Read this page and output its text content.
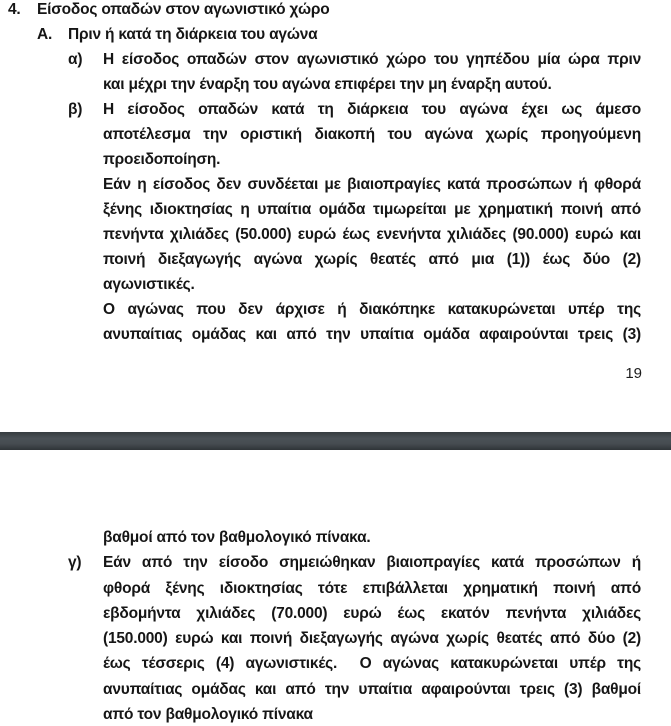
4. Είσοδος οπαδών στον αγωνιστικό χώρο
Α. Πριν ή κατά τη διάρκεια του αγώνα
α) Η είσοδος οπαδών στον αγωνιστικό χώρο του γηπέδου μία ώρα πριν
και μέχρι την έναρξη του αγώνα επιφέρει την μη έναρξη αυτού.
β) Η είσοδος οπαδών κατά τη διάρκεια του αγώνα έχει ως άμεσο
αποτέλεσμα την οριστική διακοπή του αγώνα χωρίς προηγούμενη
προειδοποίηση.
Εάν η είσοδος δεν συνδέεται με βιαιοπραγίες κατά προσώπων ή φθορά
ξένης ιδιοκτησίας η υπαίτια ομάδα τιμωρείται με χρηματική ποινή από
πενήντα χιλιάδες (50.000) ευρώ έως ενενήντα χιλιάδες (90.000) ευρώ και
ποινή διεξαγωγής αγώνα χωρίς θεατές από μια (1)) έως δύο (2)
αγωνιστικές.
Ο αγώνας που δεν άρχισε ή διακόπηκε κατακυρώνεται υπέρ της
ανυπαίτιας ομάδας και από την υπαίτια ομάδα αφαιρούνται τρεις (3)
19
βαθμοί από τον βαθμολογικό πίνακα.
γ) Εάν από την είσοδο σημειώθηκαν βιαιοπραγίες κατά προσώπων ή
φθορά ξένης ιδιοκτησίας τότε επιβάλλεται χρηματική ποινή από
εβδομήντα χιλιάδες (70.000) ευρώ έως εκατόν πενήντα χιλιάδες
(150.000) ευρώ και ποινή διεξαγωγής αγώνα χωρίς θεατές από δύο (2)
έως τέσσερις (4) αγωνιστικές.  Ο αγώνας κατακυρώνεται υπέρ της
ανυπαίτιας ομάδας και από την υπαίτια αφαιρούνται τρεις (3) βαθμοί
από τον βαθμολογικό πίνακα
